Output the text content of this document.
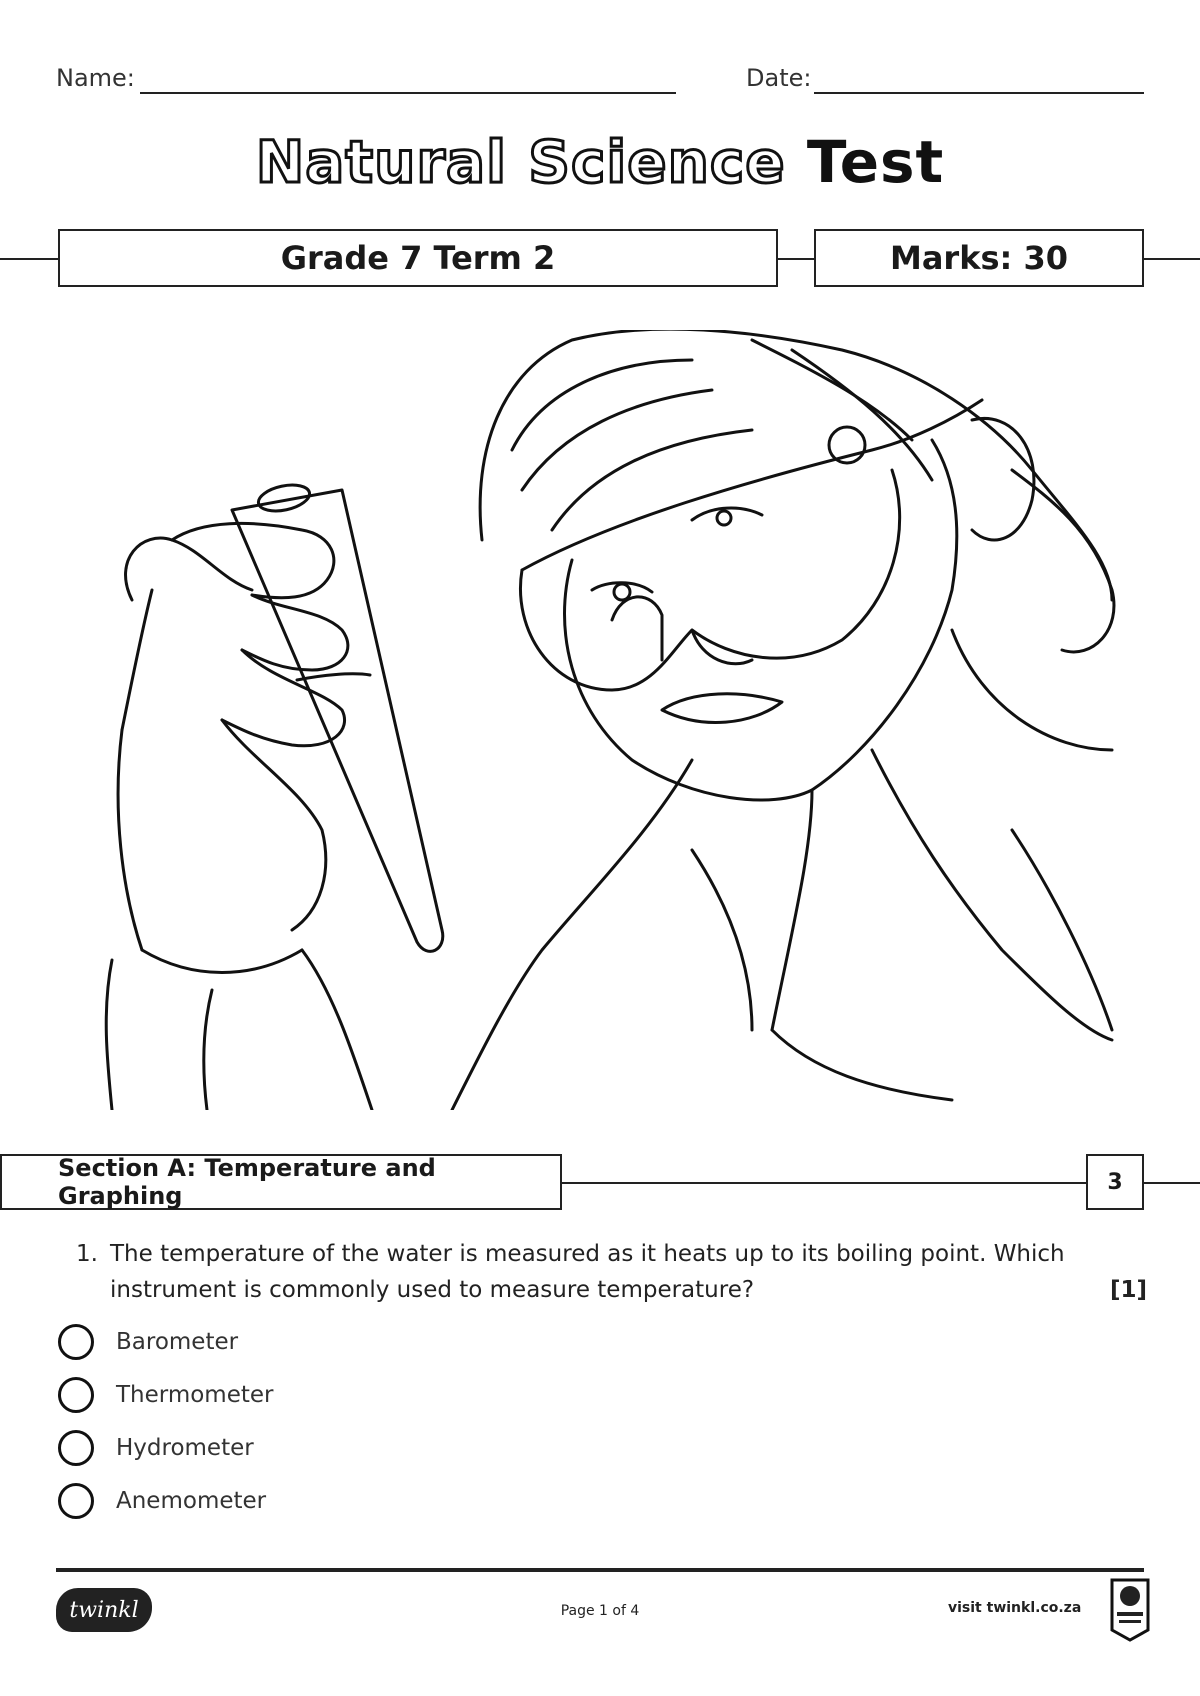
Name:	Date:
Natural Science Test
Grade 7 Term 2	Marks: 30
Section A: Temperature and Graphing	3
1. The temperature of the water is measured as it heats up to its boiling point. Which
instrument is commonly used to measure temperature?	[1]
Barometer
Thermometer
Hydrometer
Anemometer
twinkl	Page 1 of 4	visit twinkl.co.za
